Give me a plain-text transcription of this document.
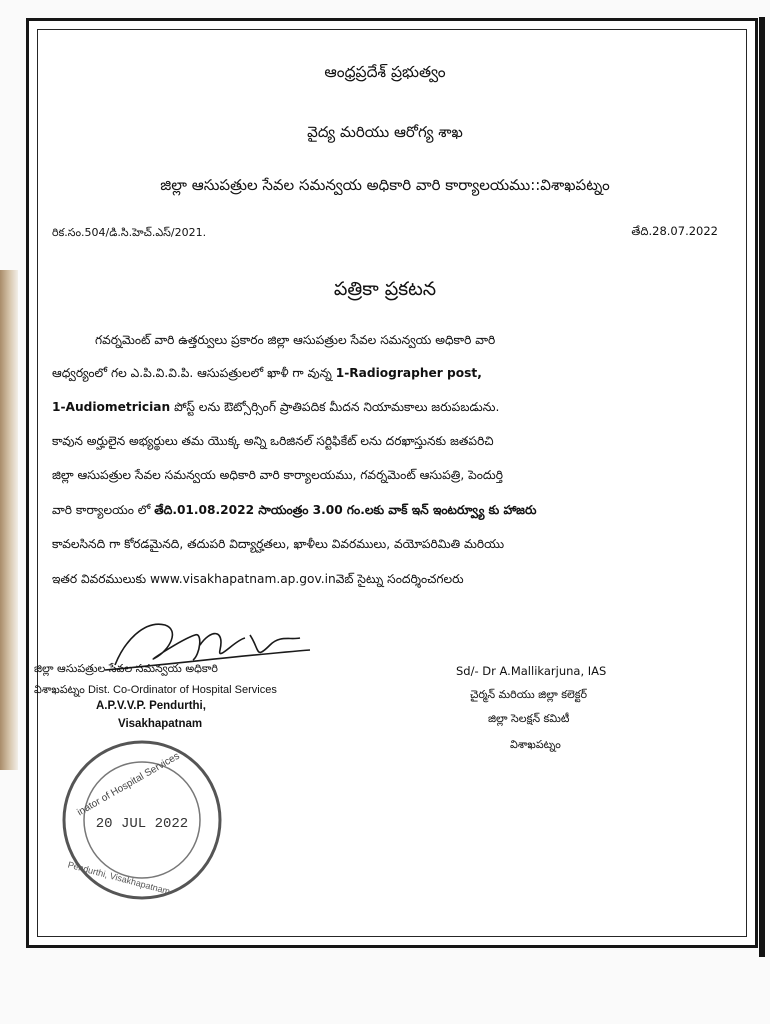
ఆంధ్రప్రదేశ్ ప్రభుత్వం
వైద్య మరియు ఆరోగ్య శాఖ
జిల్లా ఆసుపత్రుల సేవల సమన్వయ అధికారి వారి కార్యాలయము::విశాఖపట్నం
రిక.సం.504/డి.సి.హెచ్.ఎస్/2021.	తేది.28.07.2022
పత్రికా ప్రకటన
గవర్నమెంట్ వారి ఉత్తర్వులు ప్రకారం జిల్లా ఆసుపత్రుల సేవల సమన్వయ అధికారి వారి
ఆధ్వర్యంలో గల ఎ.పి.వి.వి.పి. ఆసుపత్రులలో ఖాళీ గా వున్న 1-Radiographer post,
1-Audiometrician పోస్ట్ లను ఔట్సోర్సింగ్ ప్రాతిపదిక మీదన నియామకాలు జరుపబడును.
కావున అర్హులైన అభ్యర్థులు తమ యొక్క అన్ని ఒరిజినల్ సర్టిఫికేట్ లను దరఖాస్తునకు జతపరిచి
జిల్లా ఆసుపత్రుల సేవల సమన్వయ అధికారి వారి కార్యాలయము, గవర్నమెంట్ ఆసుపత్రి, పెందుర్తి
వారి కార్యాలయం లో తేది.01.08.2022 సాయంత్రం 3.00 గం.లకు వాక్ ఇన్ ఇంటర్వ్యూ కు హాజరు
కావలసినది గా కోరడమైనది, తదుపరి విద్యార్హతలు, ఖాళీలు వివరములు, వయోపరిమితి మరియు
ఇతర వివరములుకు www.visakhapatnam.ap.gov.inవెబ్ సైట్ను సందర్శించగలరు
జిల్లా ఆసుపత్రుల సేవల సమన్వయ అధికారి
విశాఖపట్నం Dist. Co-Ordinator of Hospital Services
A.P.V.V.P. Pendurthi,
Visakhapatnam
inator of Hospital Services
Pendurthi, Visakhapatnam
20 JUL 2022
Sd/- Dr A.Mallikarjuna, IAS
చైర్మన్ మరియు జిల్లా కలెక్టర్
జిల్లా సెలక్షన్ కమిటీ
విశాఖపట్నం
